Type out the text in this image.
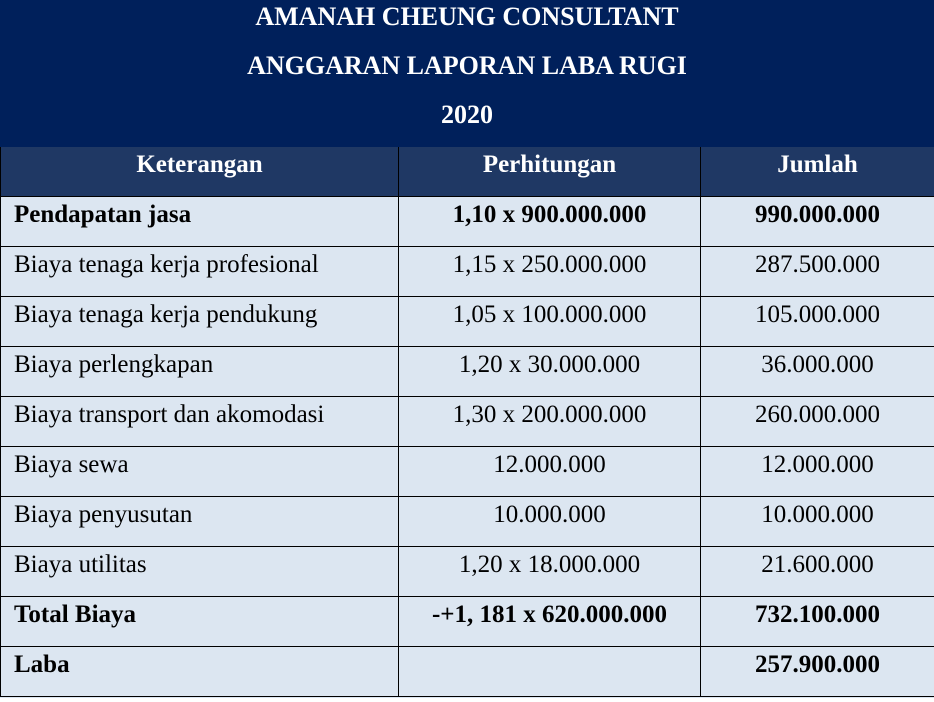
AMANAH CHEUNG CONSULTANT
ANGGARAN LAPORAN LABA RUGI
2020
Keterangan	Perhitungan	Jumlah
Pendapatan jasa	1,10 x 900.000.000	990.000.000
Biaya tenaga kerja profesional	1,15 x 250.000.000	287.500.000
Biaya tenaga kerja pendukung	1,05 x 100.000.000	105.000.000
Biaya perlengkapan	1,20 x 30.000.000	36.000.000
Biaya transport dan akomodasi	1,30 x 200.000.000	260.000.000
Biaya sewa	12.000.000	12.000.000
Biaya penyusutan	10.000.000	10.000.000
Biaya utilitas	1,20 x 18.000.000	21.600.000
Total Biaya	-+1, 181 x 620.000.000	732.100.000
Laba		257.900.000
